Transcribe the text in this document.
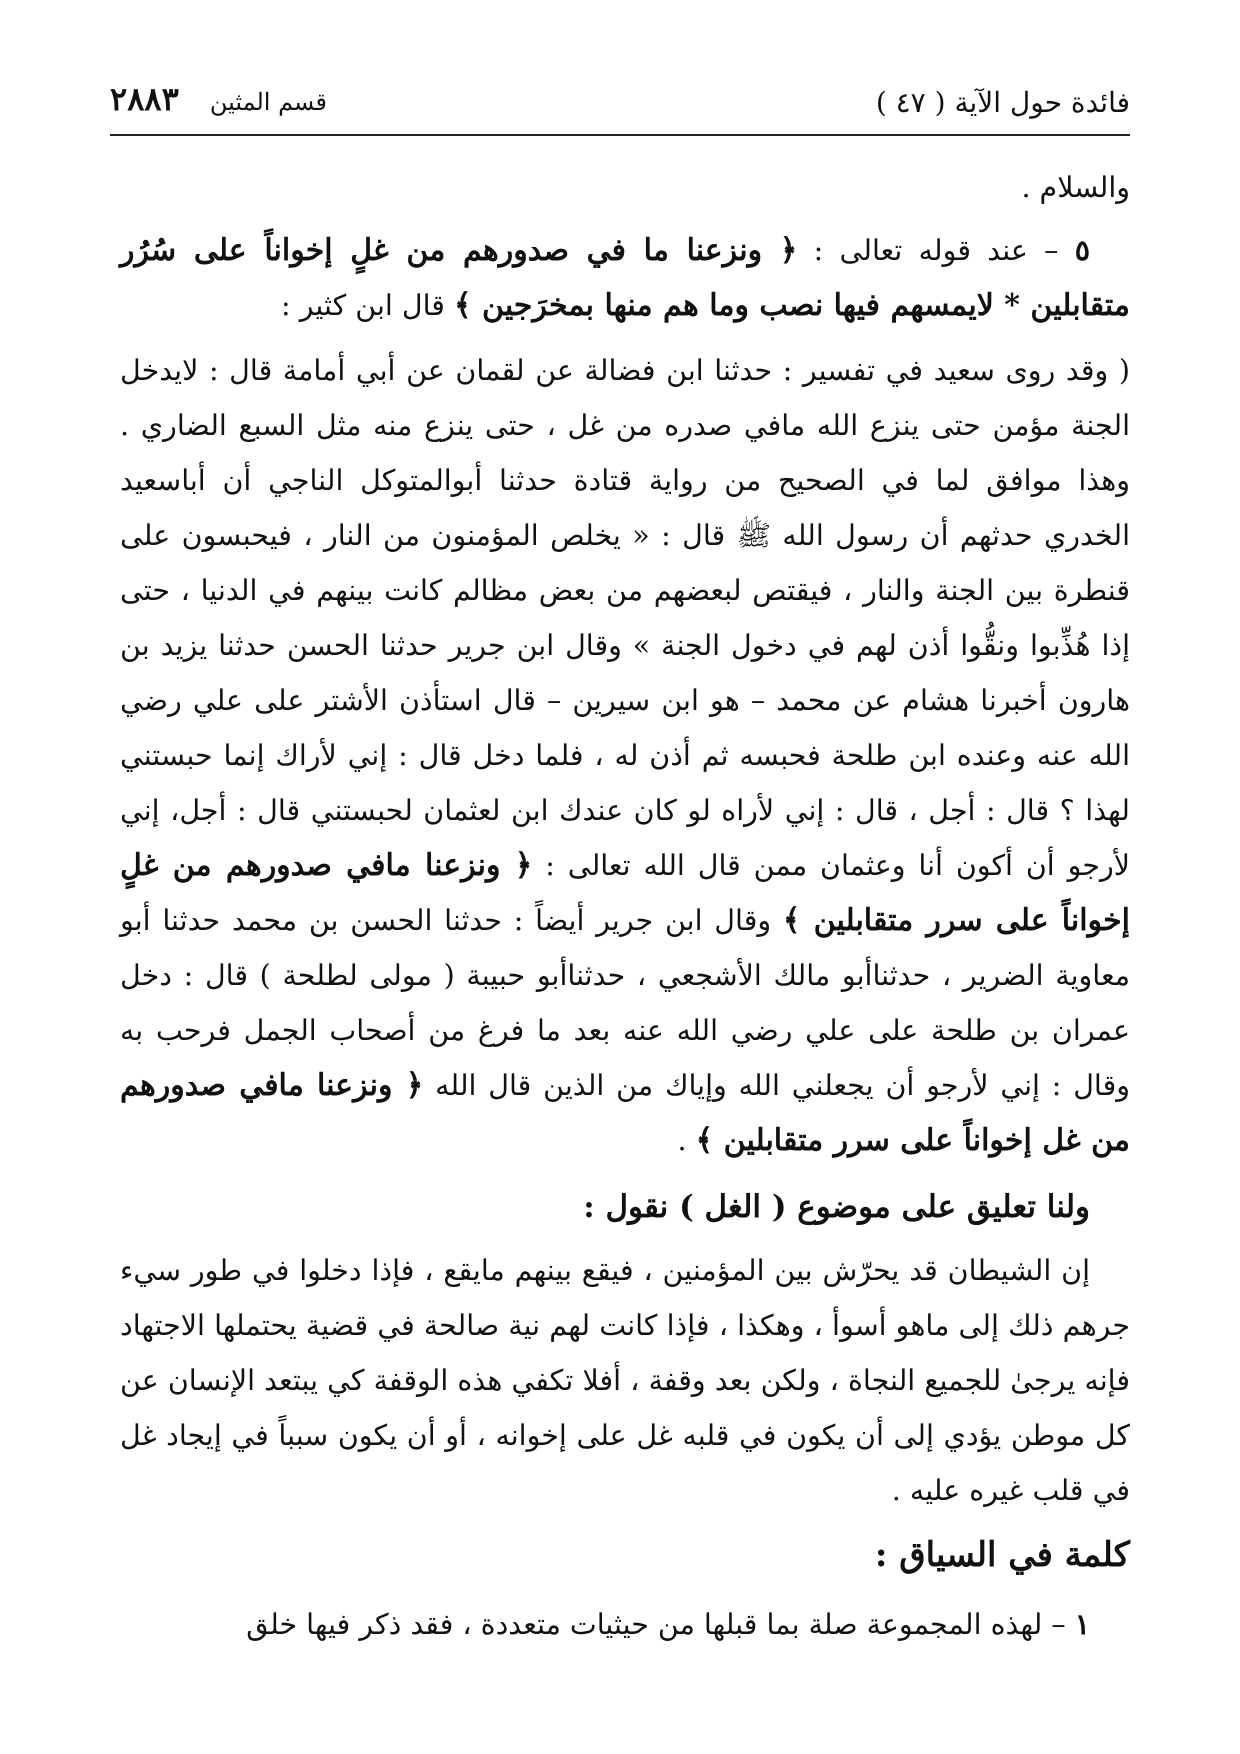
فائدة حول الآية ( ٤٧ )
قسم المثين ٢٨٨٣

والسلام .

٥ – عند قوله تعالى : ﴿ ونزعنا ما في صدورهم من غلٍ إخواناً على سُرُر متقابلين * لايمسهم فيها نصب وما هم منها بمخرَجين ﴾ قال ابن كثير :

( وقد روى سعيد في تفسير : حدثنا ابن فضالة عن لقمان عن أبي أمامة قال : لايدخل الجنة مؤمن حتى ينزع الله مافي صدره من غل ، حتى ينزع منه مثل السبع الضاري . وهذا موافق لما في الصحيح من رواية قتادة حدثنا أبوالمتوكل الناجي أن أباسعيد الخدري حدثهم أن رسول الله ﷺ قال : « يخلص المؤمنون من النار ، فيحبسون على قنطرة بين الجنة والنار ، فيقتص لبعضهم من بعض مظالم كانت بينهم في الدنيا ، حتى إذا هُذِّبوا ونقُّوا أذن لهم في دخول الجنة » وقال ابن جرير حدثنا الحسن حدثنا يزيد بن هارون أخبرنا هشام عن محمد – هو ابن سيرين – قال استأذن الأشتر على علي رضي الله عنه وعنده ابن طلحة فحبسه ثم أذن له ، فلما دخل قال : إني لأراك إنما حبستني لهذا ؟ قال : أجل ، قال : إني لأراه لو كان عندك ابن لعثمان لحبستني قال : أجل، إني لأرجو أن أكون أنا وعثمان ممن قال الله تعالى : ﴿ ونزعنا مافي صدورهم من غلٍ إخواناً على سرر متقابلين ﴾ وقال ابن جرير أيضاً : حدثنا الحسن بن محمد حدثنا أبو معاوية الضرير ، حدثناأبو مالك الأشجعي ، حدثناأبو حبيبة ( مولى لطلحة ) قال : دخل عمران بن طلحة على علي رضي الله عنه بعد ما فرغ من أصحاب الجمل فرحب به وقال : إني لأرجو أن يجعلني الله وإياك من الذين قال الله ﴿ ونزعنا مافي صدورهم من غل إخواناً على سرر متقابلين ﴾ .

ولنا تعليق على موضوع ( الغل ) نقول :

إن الشيطان قد يحرّش بين المؤمنين ، فيقع بينهم مايقع ، فإذا دخلوا في طور سيء جرهم ذلك إلى ماهو أسوأ ، وهكذا ، فإذا كانت لهم نية صالحة في قضية يحتملها الاجتهاد فإنه يرجىٰ للجميع النجاة ، ولكن بعد وقفة ، أفلا تكفي هذه الوقفة كي يبتعد الإنسان عن كل موطن يؤدي إلى أن يكون في قلبه غل على إخوانه ، أو أن يكون سبباً في إيجاد غل في قلب غيره عليه .

كلمة في السياق :

١ – لهذه المجموعة صلة بما قبلها من حيثيات متعددة ، فقد ذكر فيها خلق
